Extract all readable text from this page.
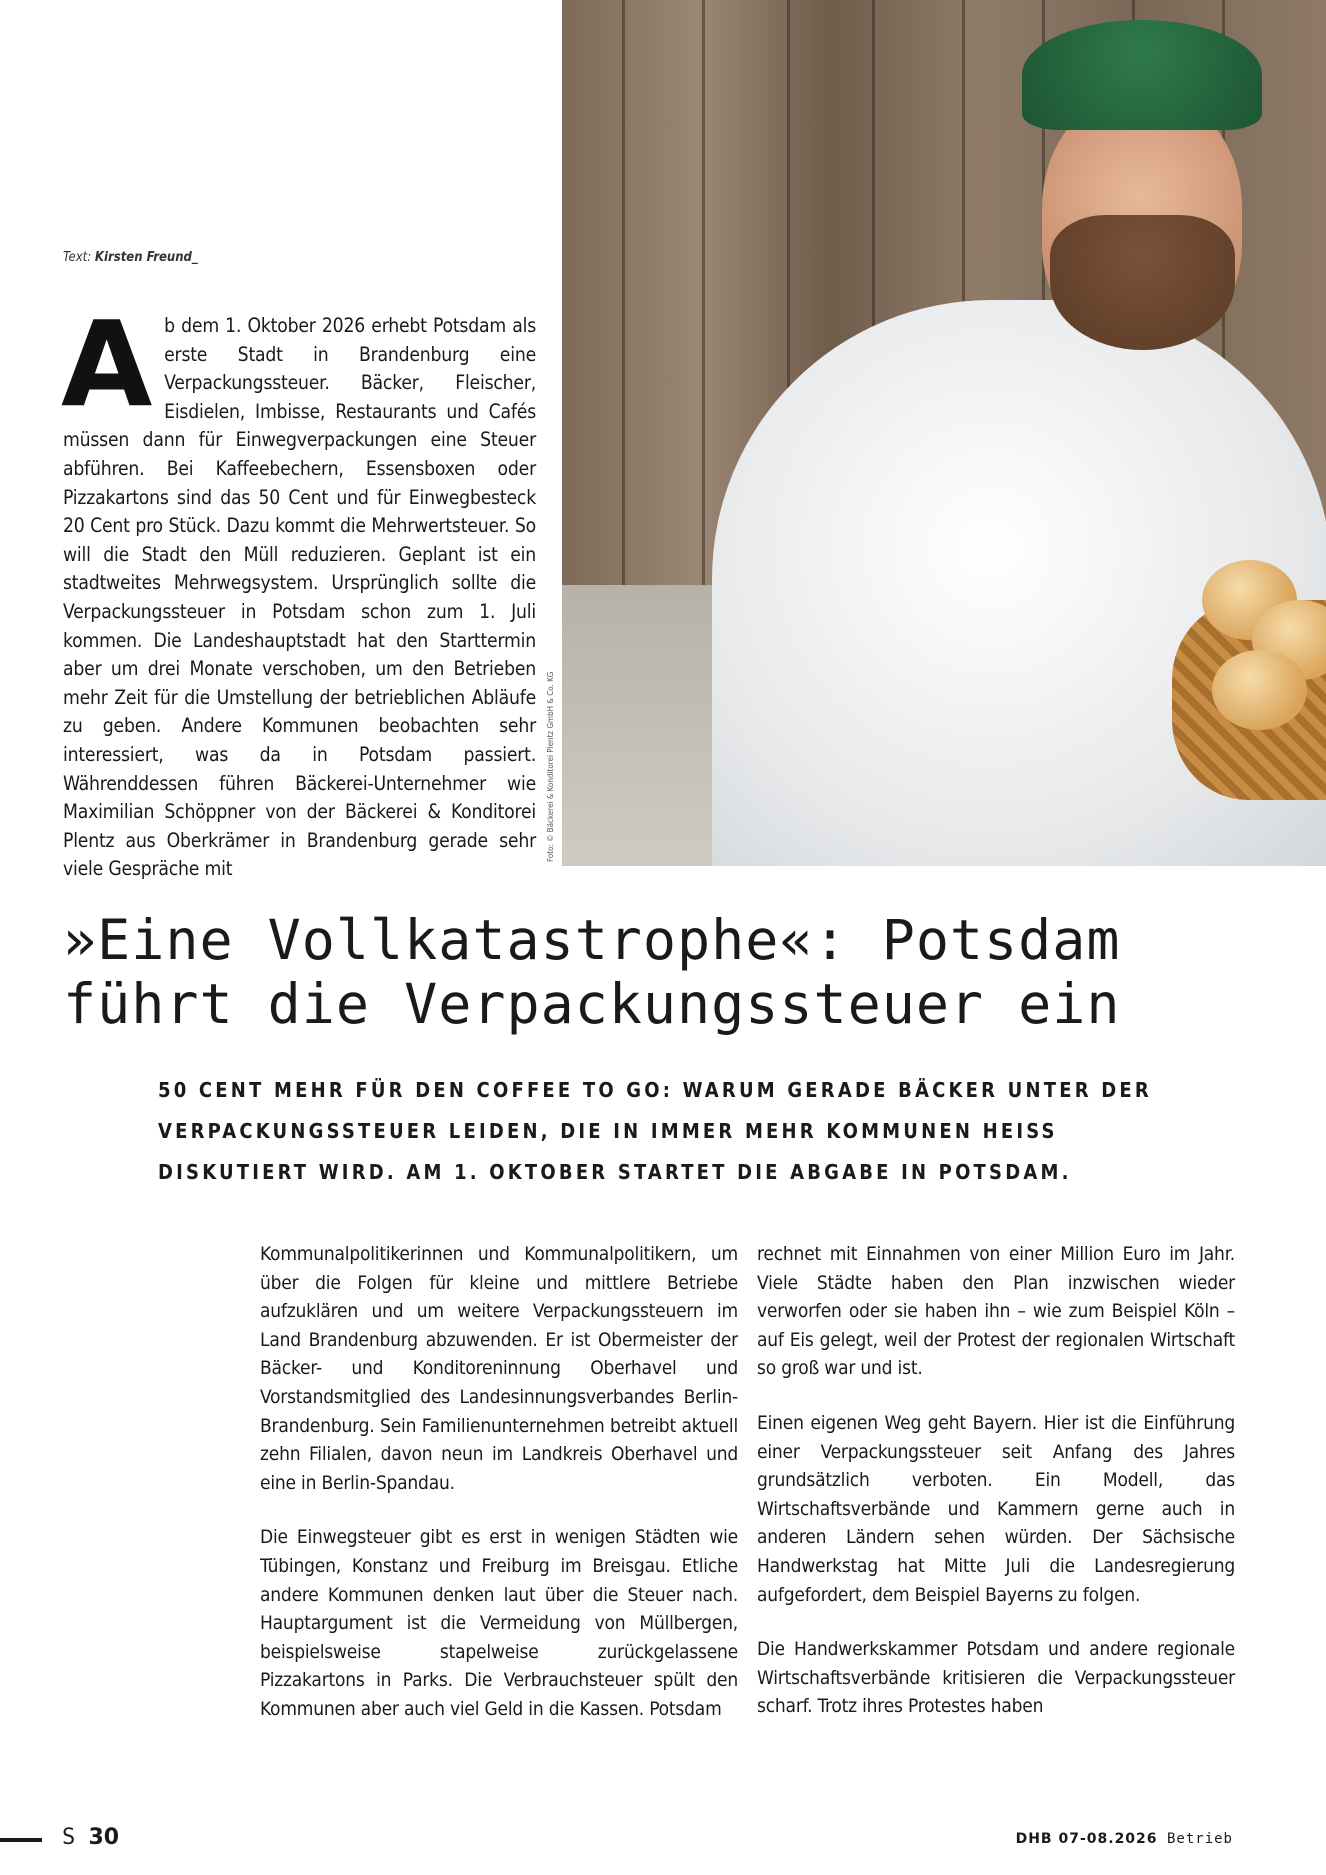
Text: Kirsten Freund_
A b dem 1. Oktober 2026 erhebt Potsdam als erste Stadt in Brandenburg eine Verpackungssteuer. Bäcker, Fleischer, Eisdielen, Imbisse, Restaurants und Cafés müssen dann für Einwegverpackungen eine Steuer abführen. Bei Kaffeebechern, Essensboxen oder Pizzakartons sind das 50 Cent und für Einwegbesteck 20 Cent pro Stück. Dazu kommt die Mehrwertsteuer. So will die Stadt den Müll reduzieren. Geplant ist ein stadtweites Mehrwegsystem. Ursprünglich sollte die Verpackungssteuer in Potsdam schon zum 1. Juli kommen. Die Landeshauptstadt hat den Starttermin aber um drei Monate verschoben, um den Betrieben mehr Zeit für die Umstellung der betrieblichen Abläufe zu geben. Andere Kommunen beobachten sehr interessiert, was da in Potsdam passiert. Währenddessen führen Bäckerei-Unternehmer wie Maximilian Schöppner von der Bäckerei & Konditorei Plentz aus Oberkrämer in Brandenburg gerade sehr viele Gespräche mit
Foto: © Bäckerei & Konditorei Plentz GmbH & Co. KG
»Eine Vollkatastrophe«: Potsdam
führt die Verpackungssteuer ein
50 CENT MEHR FÜR DEN COFFEE TO GO: WARUM GERADE BÄCKER UNTER DER VERPACKUNGSSTEUER LEIDEN, DIE IN IMMER MEHR KOMMUNEN HEISS DISKUTIERT WIRD. AM 1. OKTOBER STARTET DIE ABGABE IN POTSDAM.

Kommunalpolitikerinnen und Kommunalpolitikern, um über die Folgen für kleine und mittlere Betriebe aufzuklären und um weitere Verpackungssteuern im Land Brandenburg abzuwenden. Er ist Obermeister der Bäcker- und Konditoreninnung Oberhavel und Vorstandsmitglied des Landesinnungsverbandes Berlin-Brandenburg. Sein Familienunternehmen betreibt aktuell zehn Filialen, davon neun im Landkreis Oberhavel und eine in Berlin-Spandau.

Die Einwegsteuer gibt es erst in wenigen Städten wie Tübingen, Konstanz und Freiburg im Breisgau. Etliche andere Kommunen denken laut über die Steuer nach. Hauptargument ist die Vermeidung von Müllbergen, beispielsweise stapelweise zurückgelassene Pizzakartons in Parks. Die Verbrauchsteuer spült den Kommunen aber auch viel Geld in die Kassen. Potsdam

rechnet mit Einnahmen von einer Million Euro im Jahr. Viele Städte haben den Plan inzwischen wieder verworfen oder sie haben ihn – wie zum Beispiel Köln – auf Eis gelegt, weil der Protest der regionalen Wirtschaft so groß war und ist.

Einen eigenen Weg geht Bayern. Hier ist die Einführung einer Verpackungssteuer seit Anfang des Jahres grundsätzlich verboten. Ein Modell, das Wirtschaftsverbände und Kammern gerne auch in anderen Ländern sehen würden. Der Sächsische Handwerkstag hat Mitte Juli die Landesregierung aufgefordert, dem Beispiel Bayerns zu folgen.

Die Handwerkskammer Potsdam und andere regionale Wirtschaftsverbände kritisieren die Verpackungssteuer scharf. Trotz ihres Protestes haben

S 30	DHB 07-08.2026 Betrieb
